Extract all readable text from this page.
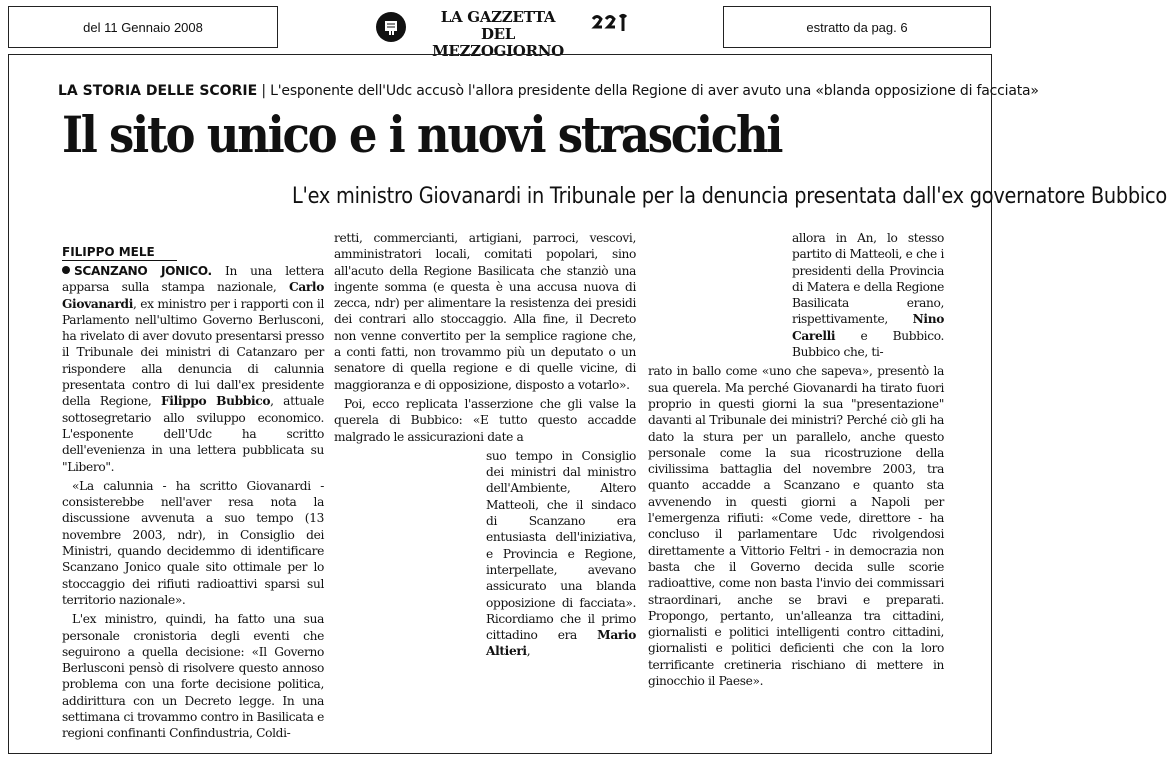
del 11 Gennaio 2008
LA GAZZETTA
DEL MEZZOGIORNO
estratto da pag. 6
LA STORIA DELLE SCORIE | L'esponente dell'Udc accusò l'allora presidente della Regione di aver avuto una «blanda opposizione di facciata»
Il sito unico e i nuovi strascichi
L'ex ministro Giovanardi in Tribunale per la denuncia presentata dall'ex governatore Bubbico
FILIPPO MELE

SCANZANO JONICO. In una lettera apparsa sulla stampa nazionale, Carlo Giovanardi, ex ministro per i rapporti con il Parlamento nell'ultimo Governo Berlusconi, ha rivelato di aver dovuto presentarsi presso il Tribunale dei ministri di Catanzaro per rispondere alla denuncia di calunnia presentata contro di lui dall'ex presidente della Regione, Filippo Bubbico, attuale sottosegretario allo sviluppo economico. L'esponente dell'Udc ha scritto dell'evenienza in una lettera pubblicata su "Libero".

«La calunnia - ha scritto Giovanardi - consisterebbe nell'aver resa nota la discussione avvenuta a suo tempo (13 novembre 2003, ndr), in Consiglio dei Ministri, quando decidemmo di identificare Scanzano Jonico quale sito ottimale per lo stoccaggio dei rifiuti radioattivi sparsi sul territorio nazionale».

L'ex ministro, quindi, ha fatto una sua personale cronistoria degli eventi che seguirono a quella decisione: «Il Governo Berlusconi pensò di risolvere questo annoso problema con una forte decisione politica, addirittura con un Decreto legge. In una settimana ci trovammo contro in Basilicata e regioni confinanti Confindustria, Coldi-

retti, commercianti, artigiani, parroci, vescovi, amministratori locali, comitati popolari, sino all'acuto della Regione Basilicata che stanziò una ingente somma (e questa è una accusa nuova di zecca, ndr) per alimentare la resistenza dei presidi dei contrari allo stoccaggio. Alla fine, il Decreto non venne convertito per la semplice ragione che, a conti fatti, non trovammo più un deputato o un senatore di quella regione e di quelle vicine, di maggioranza e di opposizione, disposto a votarlo».

Poi, ecco replicata l'asserzione che gli valse la querela di Bubbico: «E tutto questo accadde malgrado le assicurazioni date a

suo tempo in Consiglio dei ministri dal ministro dell'Ambiente, Altero Matteoli, che il sindaco di Scanzano era entusiasta dell'iniziativa, e Provincia e Regione, interpellate, avevano assicurato una blanda opposizione di facciata». Ricordiamo che il primo cittadino era Mario Altieri,

allora in An, lo stesso partito di Matteoli, e che i presidenti della Provincia di Matera e della Regione Basilicata erano, rispettivamente, Nino Carelli e Bubbico. Bubbico che, ti-

rato in ballo come «uno che sapeva», presentò la sua querela. Ma perché Giovanardi ha tirato fuori proprio in questi giorni la sua "presentazione" davanti al Tribunale dei ministri? Perché ciò gli ha dato la stura per un parallelo, anche questo personale come la sua ricostruzione della civilissima battaglia del novembre 2003, tra quanto accadde a Scanzano e quanto sta avvenendo in questi giorni a Napoli per l'emergenza rifiuti: «Come vede, direttore - ha concluso il parlamentare Udc rivolgendosi direttamente a Vittorio Feltri - in democrazia non basta che il Governo decida sulle scorie radioattive, come non basta l'invio dei commissari straordinari, anche se bravi e preparati. Propongo, pertanto, un'alleanza tra cittadini, giornalisti e politici intelligenti contro cittadini, giornalisti e politici deficienti che con la loro terrificante cretineria rischiano di mettere in ginocchio il Paese».
